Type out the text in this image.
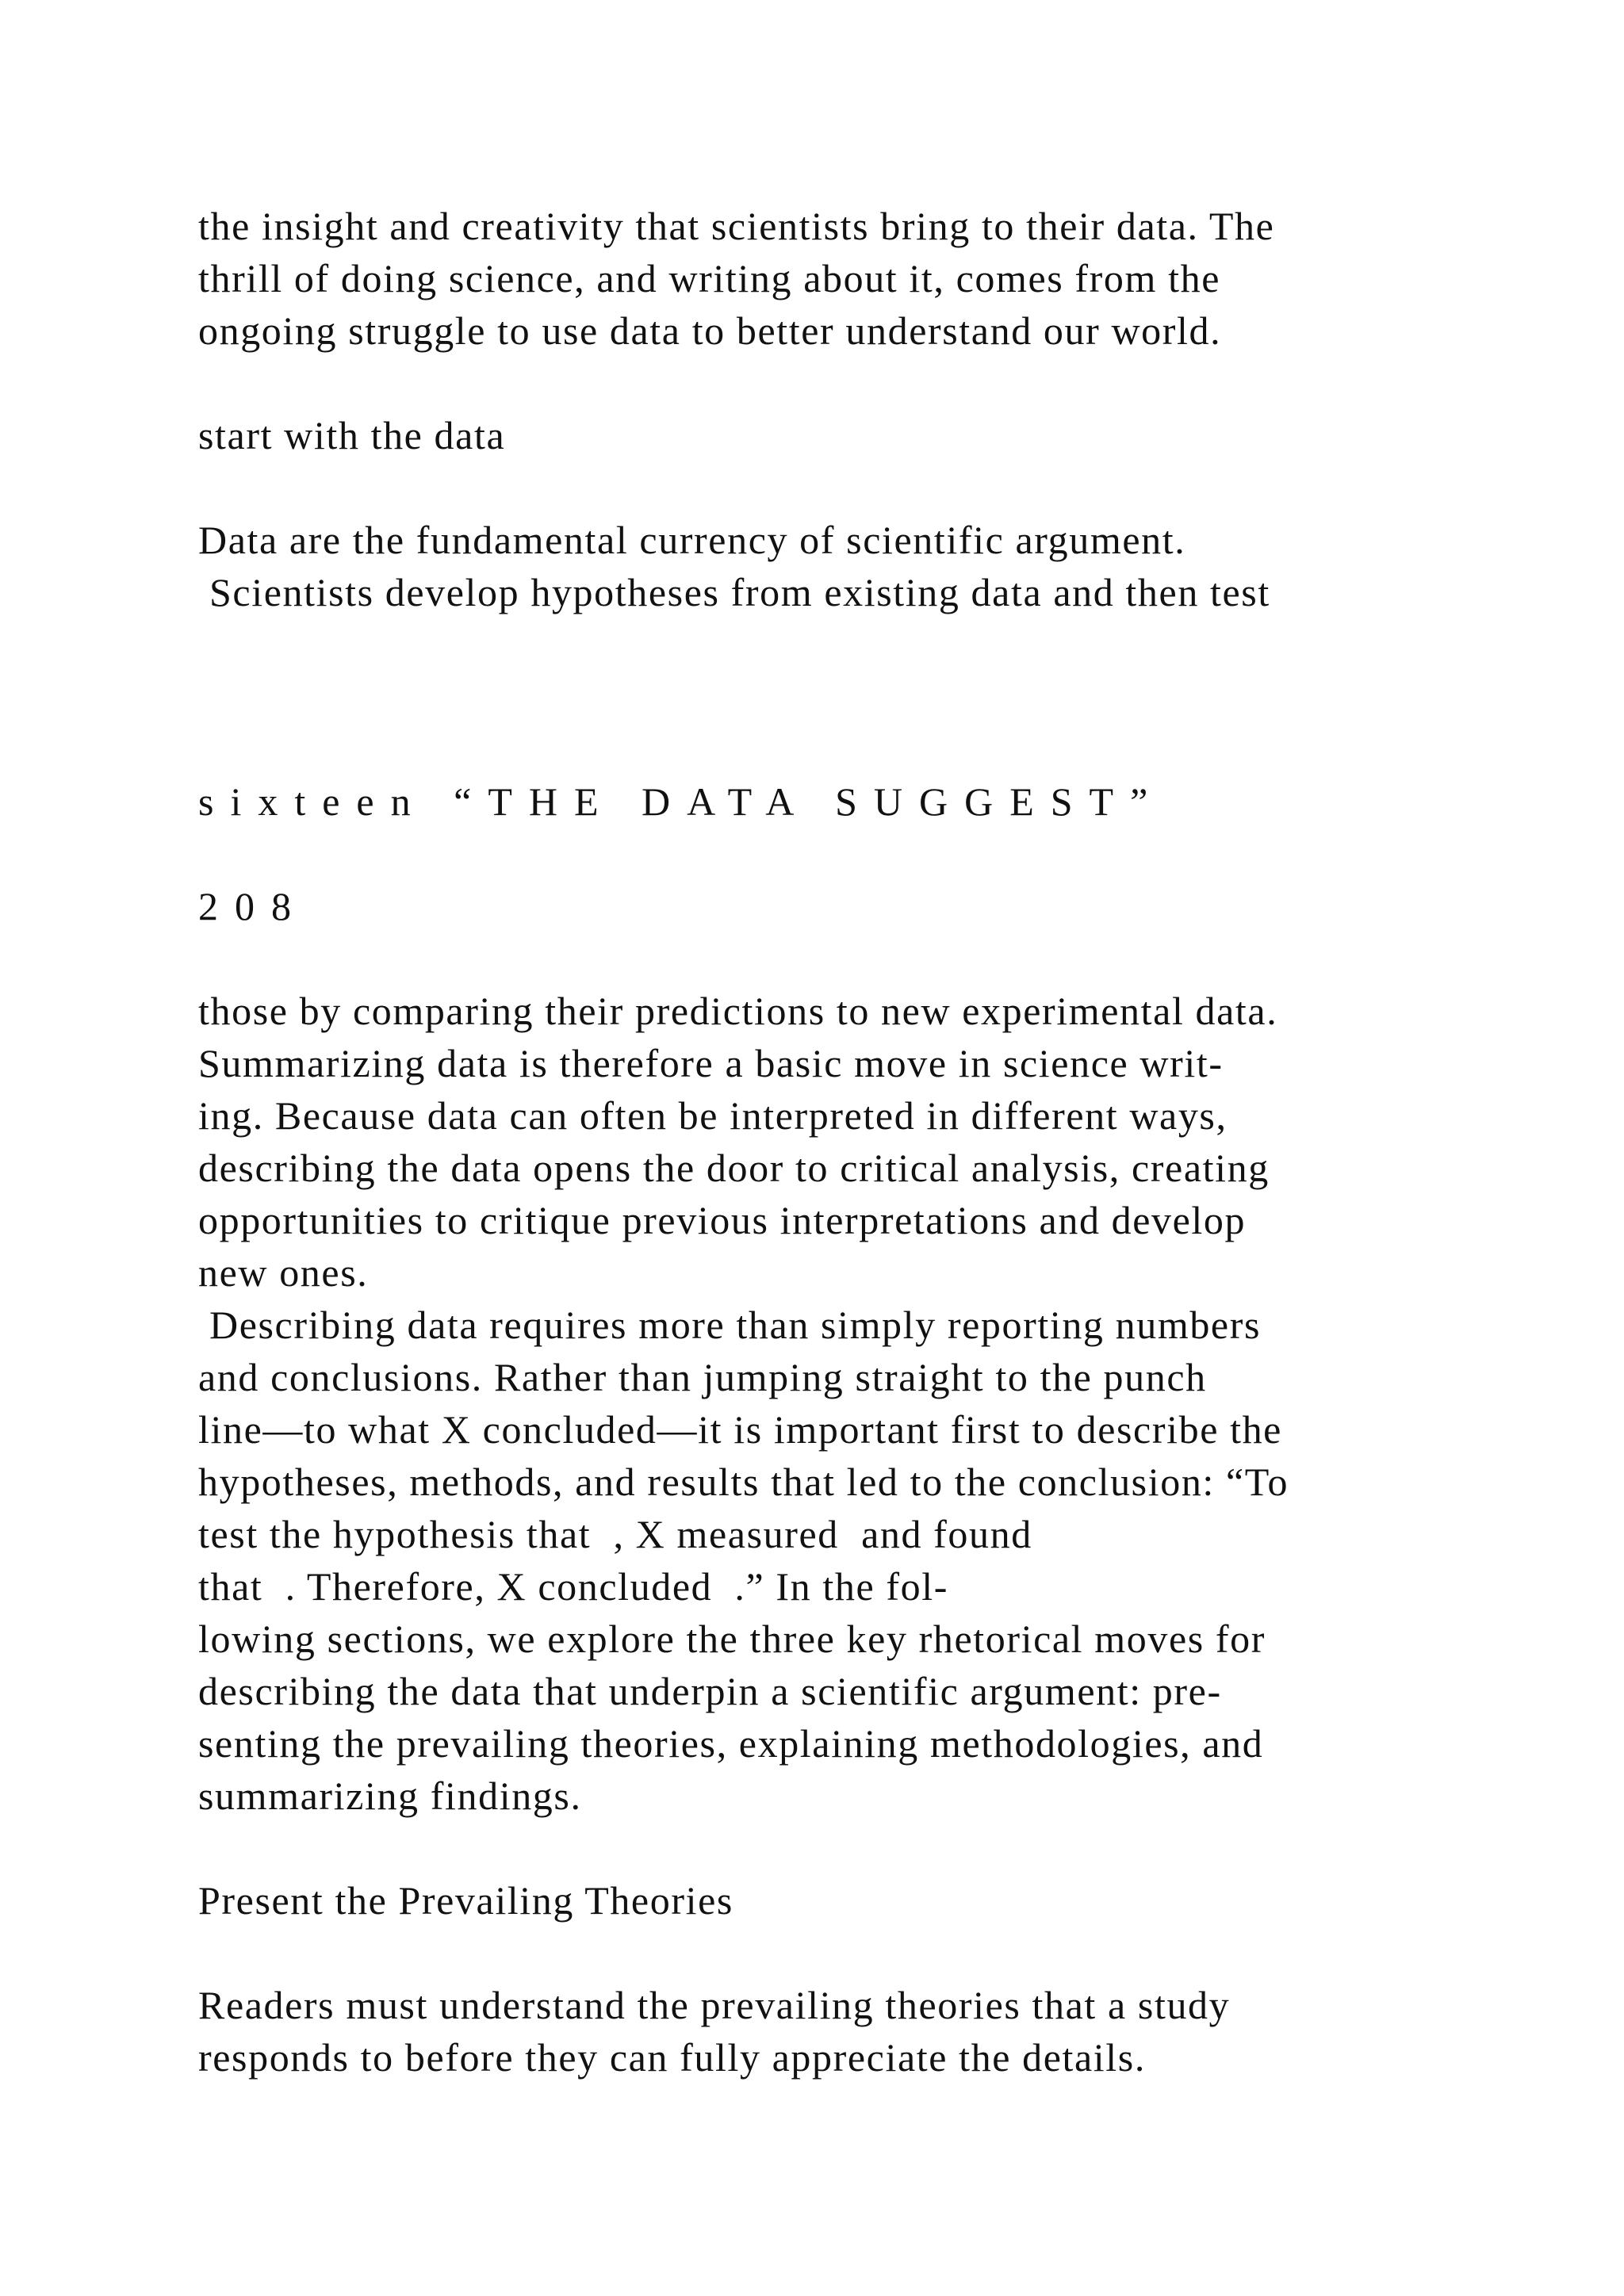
the insight and creativity that scientists bring to their data. The

thrill of doing science, and writing about it, comes from the

ongoing struggle to use data to better understand our world.

start with the data

Data are the fundamental currency of scientific argument.

Scientists develop hypotheses from existing data and then test

sixteen “THE DATA SUGGEST”

208

those by comparing their predictions to new experimental data.

Summarizing data is therefore a basic move in science writ-

ing. Because data can often be interpreted in different ways,

describing the data opens the door to critical analysis, creating

opportunities to critique previous interpretations and develop

new ones.

Describing data requires more than simply reporting numbers

and conclusions. Rather than jumping straight to the punch

line—to what X concluded—it is important first to describe the

hypotheses, methods, and results that led to the conclusion: “To

test the hypothesis that  , X measured  and found

that  . Therefore, X concluded  .” In the fol-

lowing sections, we explore the three key rhetorical moves for

describing the data that underpin a scientific argument: pre-

senting the prevailing theories, explaining methodologies, and

summarizing findings.

Present the Prevailing Theories

Readers must understand the prevailing theories that a study

responds to before they can fully appreciate the details.
